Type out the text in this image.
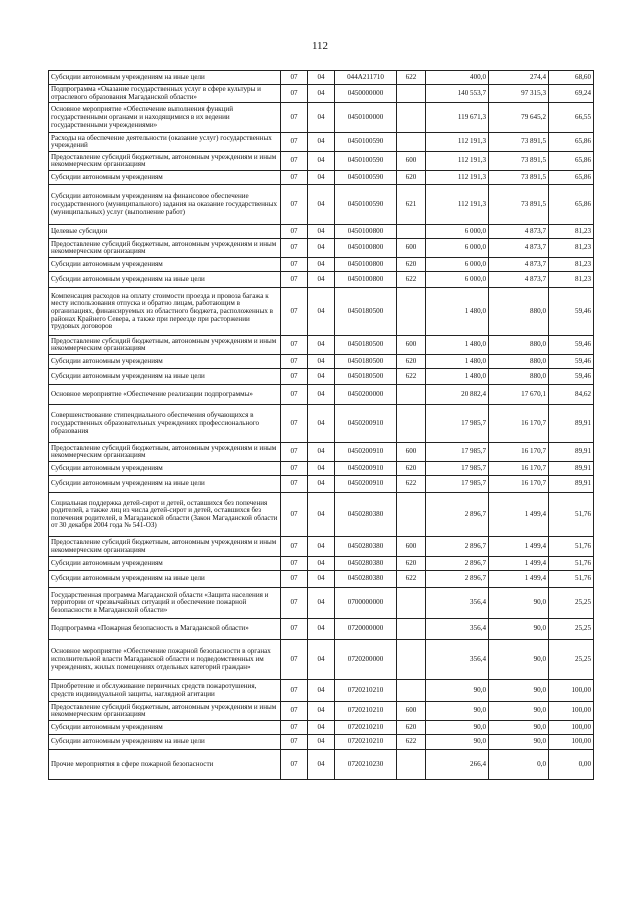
112
Субсидии автономным учреждениям на иные цели	07	04	044A211710	622	400,0	274,4	68,60
Подпрограмма «Оказание государственных услуг в сфере культуры и отраслевого образования Магаданской области»	07	04	0450000000		140 553,7	97 315,3	69,24
Основное мероприятие «Обеспечение выполнения функций государственными органами и находящимися в их ведении государственными учреждениями»	07	04	0450100000		119 671,3	79 645,2	66,55
Расходы на обеспечение деятельности (оказание услуг) государственных учреждений	07	04	0450100590		112 191,3	73 891,5	65,86
Предоставление субсидий бюджетным, автономным учреждениям и иным некоммерческим организациям	07	04	0450100590	600	112 191,3	73 891,5	65,86
Субсидии автономным учреждениям	07	04	0450100590	620	112 191,3	73 891,5	65,86
Субсидии автономным учреждениям на финансовое обеспечение государственного (муниципального) задания на оказание государственных (муниципальных) услуг (выполнение работ)	07	04	0450100590	621	112 191,3	73 891,5	65,86
Целевые субсидии	07	04	0450100800		6 000,0	4 873,7	81,23
Предоставление субсидий бюджетным, автономным учреждениям и иным некоммерческим организациям	07	04	0450100800	600	6 000,0	4 873,7	81,23
Субсидии автономным учреждениям	07	04	0450100800	620	6 000,0	4 873,7	81,23
Субсидии автономным учреждениям на иные цели	07	04	0450100800	622	6 000,0	4 873,7	81,23
Компенсация расходов на оплату стоимости проезда и провоза багажа к месту использования отпуска и обратно лицам, работающим в организациях, финансируемых из областного бюджета, расположенных в районах Крайнего Севера, а также при переезде при расторжении трудовых договоров	07	04	0450180500		1 480,0	880,0	59,46
Предоставление субсидий бюджетным, автономным учреждениям и иным некоммерческим организациям	07	04	0450180500	600	1 480,0	880,0	59,46
Субсидии автономным учреждениям	07	04	0450180500	620	1 480,0	880,0	59,46
Субсидии автономным учреждениям на иные цели	07	04	0450180500	622	1 480,0	880,0	59,46
Основное мероприятие «Обеспечение реализации подпрограммы»	07	04	0450200000		20 882,4	17 670,1	84,62
Совершенствование стипендиального обеспечения обучающихся в государственных образовательных учреждениях профессионального образования	07	04	0450200910		17 985,7	16 170,7	89,91
Предоставление субсидий бюджетным, автономным учреждениям и иным некоммерческим организациям	07	04	0450200910	600	17 985,7	16 170,7	89,91
Субсидии автономным учреждениям	07	04	0450200910	620	17 985,7	16 170,7	89,91
Субсидии автономным учреждениям на иные цели	07	04	0450200910	622	17 985,7	16 170,7	89,91
Социальная поддержка детей-сирот и детей, оставшихся без попечения родителей, а также лиц из числа детей-сирот и детей, оставшихся без попечения родителей, в Магаданской области (Закон Магаданской области от 30 декабря 2004 года № 541-ОЗ)	07	04	0450280380		2 896,7	1 499,4	51,76
Предоставление субсидий бюджетным, автономным учреждениям и иным некоммерческим организациям	07	04	0450280380	600	2 896,7	1 499,4	51,76
Субсидии автономным учреждениям	07	04	0450280380	620	2 896,7	1 499,4	51,76
Субсидии автономным учреждениям на иные цели	07	04	0450280380	622	2 896,7	1 499,4	51,76
Государственная программа Магаданской области «Защита населения и территории от чрезвычайных ситуаций и обеспечение пожарной безопасности в Магаданской области»	07	04	0700000000		356,4	90,0	25,25
Подпрограмма «Пожарная безопасность в Магаданской области»	07	04	0720000000		356,4	90,0	25,25
Основное мероприятие «Обеспечение пожарной безопасности в органах исполнительной власти Магаданской области и подведомственных им учреждениях, жилых помещениях отдельных категорий граждан»	07	04	0720200000		356,4	90,0	25,25
Приобретение и обслуживание первичных средств пожаротушения, средств индивидуальной защиты, наглядной агитации	07	04	0720210210		90,0	90,0	100,00
Предоставление субсидий бюджетным, автономным учреждениям и иным некоммерческим организациям	07	04	0720210210	600	90,0	90,0	100,00
Субсидии автономным учреждениям	07	04	0720210210	620	90,0	90,0	100,00
Субсидии автономным учреждениям на иные цели	07	04	0720210210	622	90,0	90,0	100,00
Прочие мероприятия в сфере пожарной безопасности	07	04	0720210230		266,4	0,0	0,00
